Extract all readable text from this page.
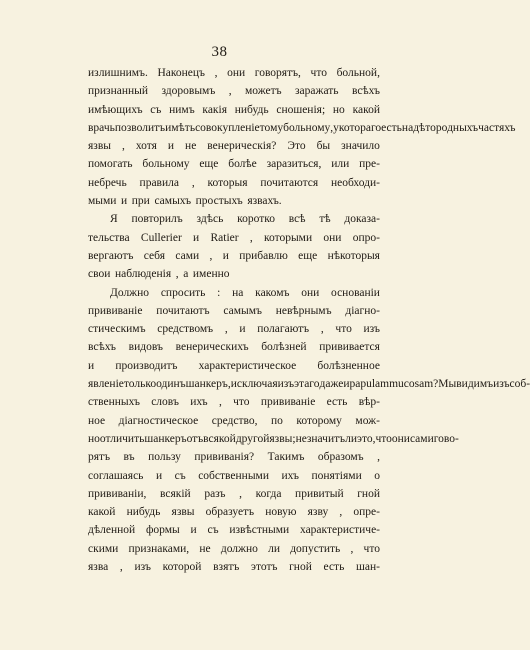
38
излишнимъ. Наконецъ , они говорятъ, что больной,
признанный здоровымъ , можетъ заражать всѣхъ
имѣющихъ съ нимъ какія нибудь сношенія; но какой
врачь позволитъ имѣть совокупленіе тому больному , у котораго есть на дѣтородныхъ частяхъ
язвы , хотя и не венерическія? Это бы значило
помогать больному еще болѣе заразиться, или пре-
небречь правила , которыя почитаются необходи-
мыми и при самыхъ простыхъ язвахъ.
Я повторилъ здѣсь коротко всѣ тѣ доказа-
тельства Cullerier и Ratier , которыми они опро-
вергаютъ себя сами , и прибавлю еще нѣкоторыя
свои наблюденія , а именно
Должно спросить : на какомъ они основаніи
прививаніе почитаютъ самымъ невѣрнымъ діагно-
стическимъ средствомъ , и полагаютъ , что изъ
всѣхъ видовъ венерическихъ болѣзней прививается
и производитъ характеристическое болѣзненное
явленіе только одинъ шанкеръ, исключая изъ этаго даже и papulam mucosam? Мы видимъ изъ соб-
ственныхъ словъ ихъ , что прививаніе есть вѣр-
ное діагностическое средство, по которому мож-
но отличить шанкеръ отъ всякой другой язвы ; не значитъ ли это , что они сами гово-
рятъ въ пользу прививанія? Такимъ образомъ ,
соглашаясь и съ собственными ихъ понятіями о
прививаніи, всякій разъ , когда привитый гной
какой нибудь язвы образуетъ новую язву , опре-
дѣленной формы и съ извѣстными характеристиче-
скими признаками, не должно ли допустить , что
язва , изъ которой взятъ этотъ гной есть шан-
